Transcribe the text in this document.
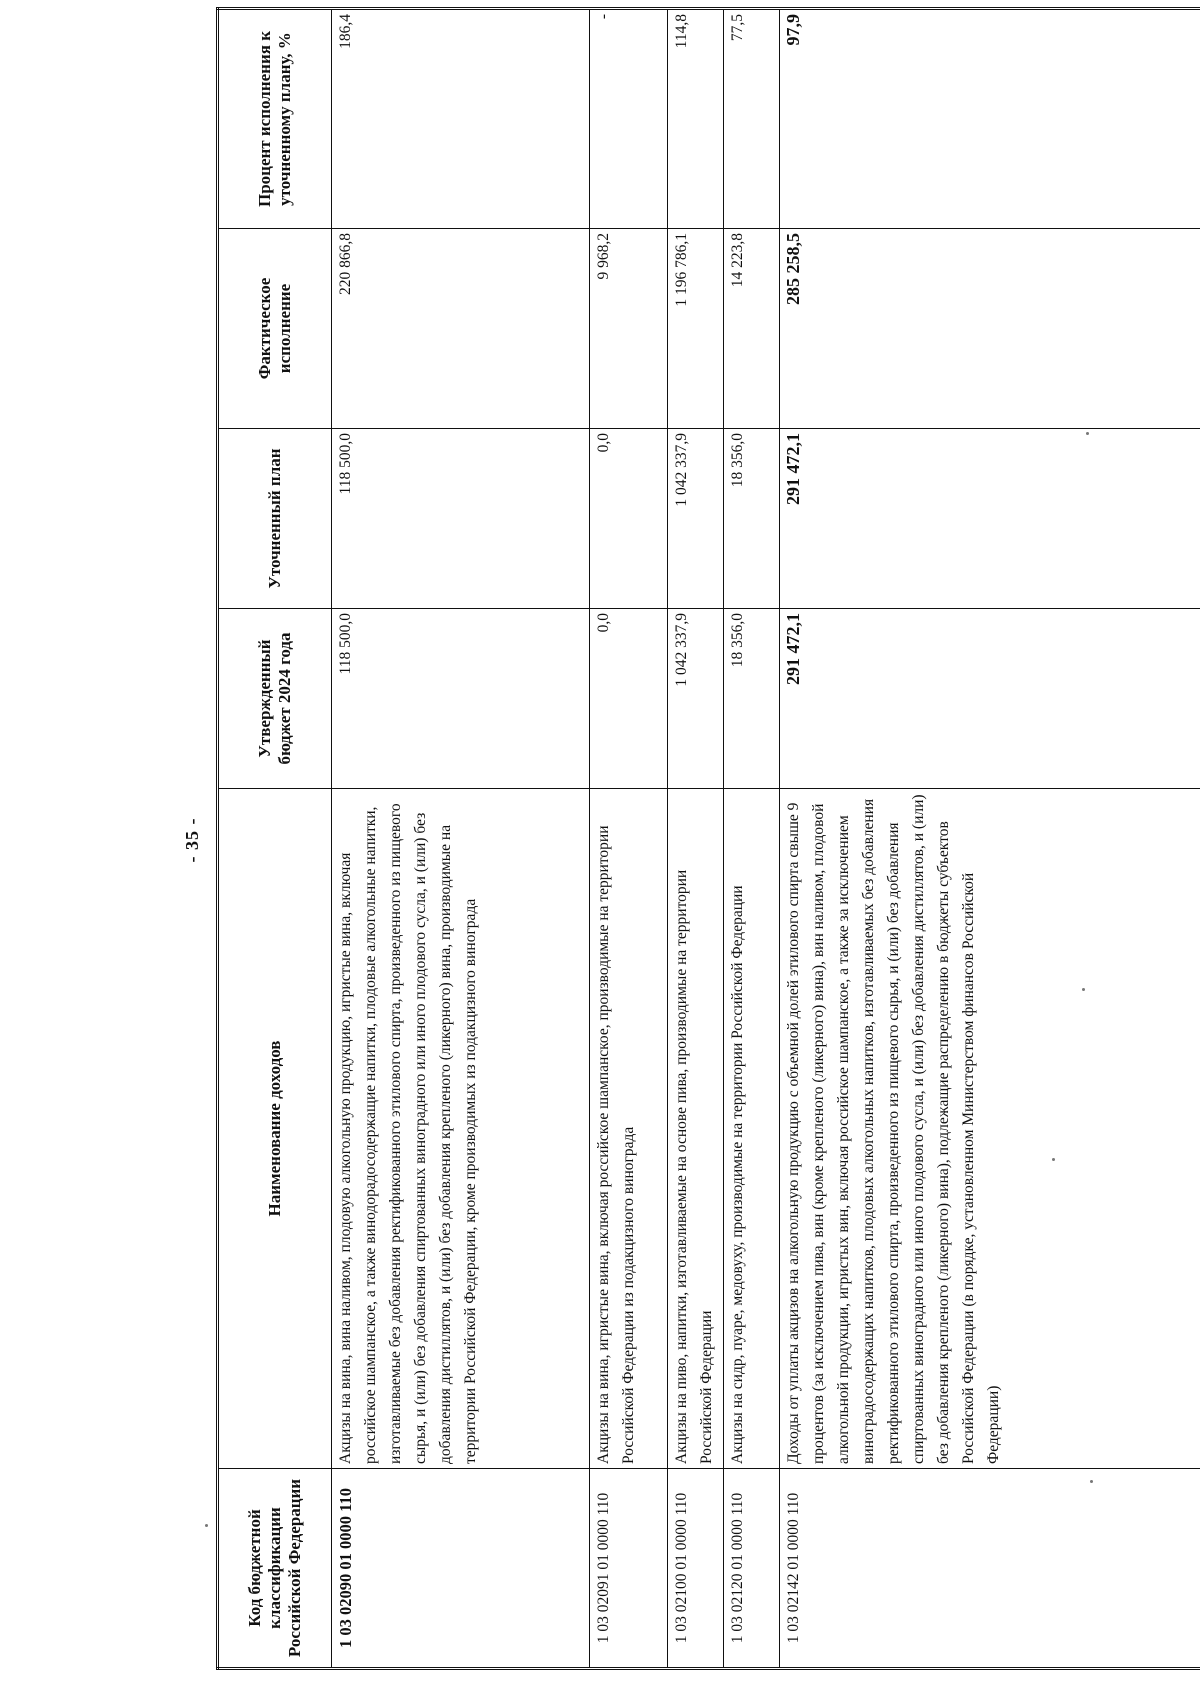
- 35 -
Код бюджетной классификации Российской Федерации	Наименование доходов	Утвержденный бюджет 2024 года	Уточненный план	Фактическое исполнение	Процент исполнения к уточненному плану, %
1 03 02090 01 0000 110	Акцизы на вина, вина наливом, плодовую алкогольную продукцию, игристые вина, включая российское шампанское, а также винодорадосодержащие напитки, плодовые алкогольные напитки, изготавливаемые без добавления ректификованного этилового спирта, произведенного из пищевого сырья, и (или) без добавления спиртованных виноградного или иного плодового сусла, и (или) без добавления дистиллятов, и (или) без добавления крепленого (ликерного) вина, производимые на территории Российской Федерации, кроме производимых из подакцизного винограда	118 500,0	118 500,0	220 866,8	186,4
1 03 02091 01 0000 110	Акцизы на вина, игристые вина, включая российское шампанское, производимые на территории Российской Федерации из подакцизного винограда	0,0	0,0	9 968,2	-
1 03 02100 01 0000 110	Акцизы на пиво, напитки, изготавливаемые на основе пива, производимые на территории Российской Федерации	1 042 337,9	1 042 337,9	1 196 786,1	114,8
1 03 02120 01 0000 110	Акцизы на сидр, пуаре, медовуху, производимые на территории Российской Федерации	18 356,0	18 356,0	14 223,8	77,5
1 03 02142 01 0000 110	Доходы от уплаты акцизов на алкогольную продукцию с объемной долей этилового спирта свыше 9 процентов (за исключением пива, вин (кроме крепленого (ликерного) вина), вин наливом, плодовой алкогольной продукции, игристых вин, включая российское шампанское, а также за исключением виноградосодержащих напитков, плодовых алкогольных напитков, изготавливаемых без добавления ректификованного этилового спирта, произведенного из пищевого сырья, и (или) без добавления спиртованных виноградного или иного плодового сусла, и (или) без добавления дистиллятов, и (или) без добавления крепленого (ликерного) вина), подлежащие распределению в бюджеты субъектов Российской Федерации (в порядке, установленном Министерством финансов Российской Федерации)	291 472,1	291 472,1	285 258,5	97,9
